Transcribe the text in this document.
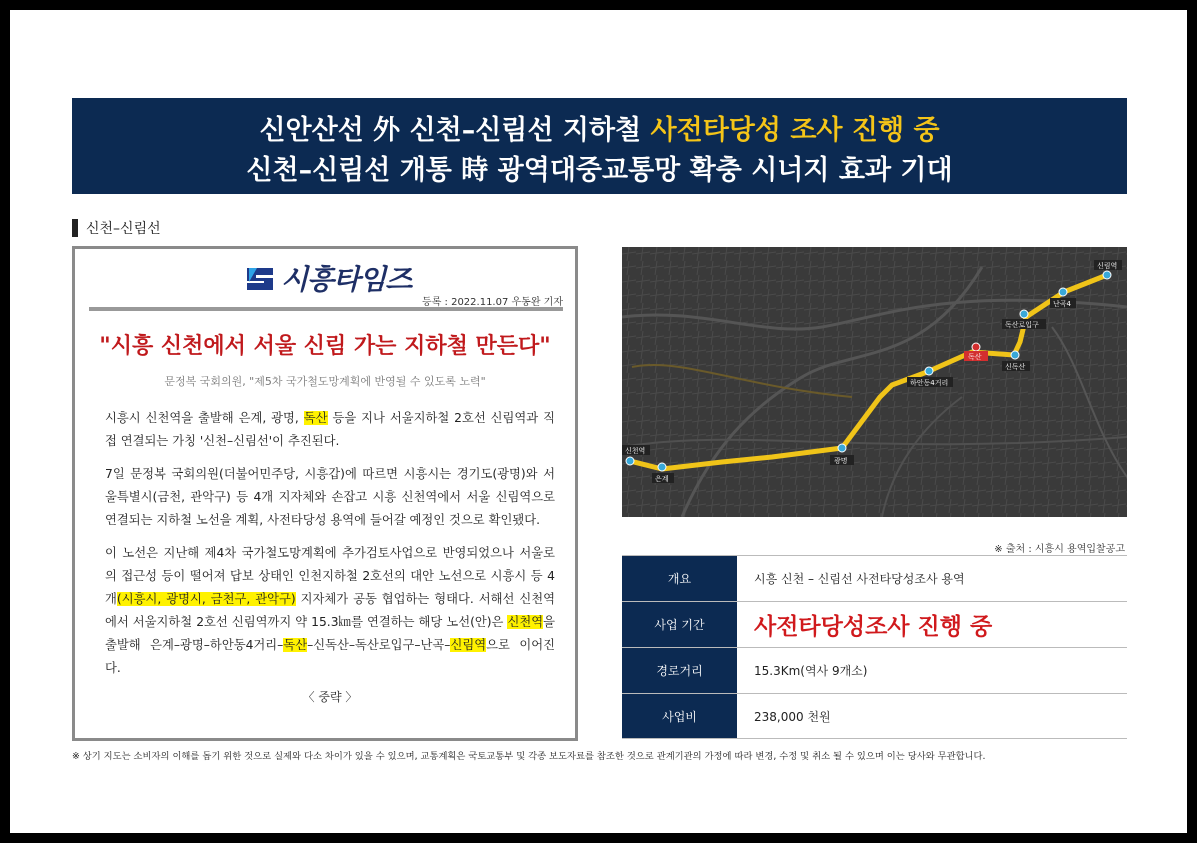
신안산선 外 신천–신림선 지하철 사전타당성 조사 진행 중
신천–신림선 개통 時 광역대중교통망 확충 시너지 효과 기대
신천–신림선
시흥타임즈
등록 : 2022.11.07 우동완 기자
"시흥 신천에서 서울 신림 가는 지하철 만든다"
문정복 국회의원, "제5차 국가철도망계획에 반영될 수 있도록 노력"

시흥시 신천역을 출발해 은계, 광명, 독산 등을 지나 서울지하철 2호선 신림역과 직접 연결되는 가칭 '신천–신림선'이 추진된다.

7일 문정복 국회의원(더불어민주당, 시흥갑)에 따르면 시흥시는 경기도(광명)와 서울특별시(금천, 관악구) 등 4개 지자체와 손잡고 시흥 신천역에서 서울 신림역으로 연결되는 지하철 노선을 계획, 사전타당성 용역에 들어갈 예정인 것으로 확인됐다.

이 노선은 지난해 제4차 국가철도망계획에 추가검토사업으로 반영되었으나 서울로의 접근성 등이 떨어져 답보 상태인 인천지하철 2호선의 대안 노선으로 시흥시 등 4개(시흥시, 광명시, 금천구, 관악구) 지자체가 공동 협업하는 형태다. 서해선 신천역에서 서울지하철 2호선 신림역까지 약 15.3㎞를 연결하는 해당 노선(안)은 신천역을 출발해 은계–광명–하안동4거리–독산–신독산–독산로입구–난곡–신림역으로 이어진다.

〈 중략 〉
신천역
은계
광명
하안동4거리
독산
신독산
독산로입구
난곡4
신림역
※ 출처 : 시흥시 용역입찰공고
개요	시흥 신천 – 신림선 사전타당성조사 용역
사업 기간	사전타당성조사 진행 중
경로거리	15.3Km(역사 9개소)
사업비	238,000 천원
※ 상기 지도는 소비자의 이해를 돕기 위한 것으로 실제와 다소 차이가 있을 수 있으며, 교통계획은 국토교통부 및 각종 보도자료를 참조한 것으로 관계기관의 가정에 따라 변경, 수정 및 취소 될 수 있으며 이는 당사와 무관합니다.
